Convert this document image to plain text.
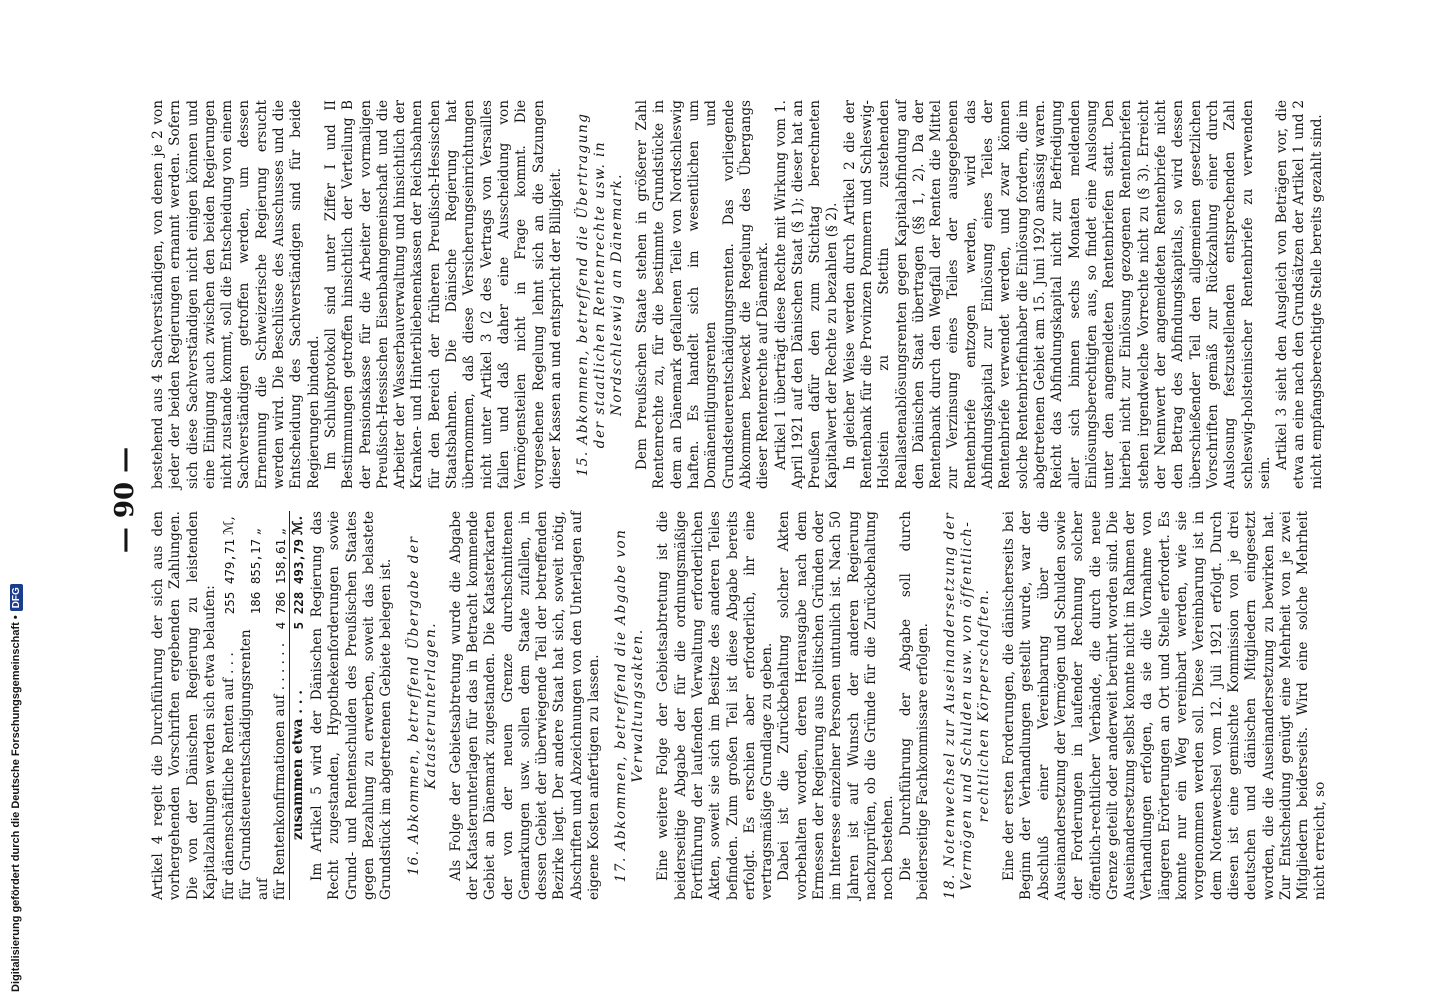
— 90 —

Artikel 4 regelt die Durchführung der sich aus den vorhergehenden Vorschriften ergebenden Zahlungen. Die von der Dänischen Regierung zu leistenden Kapitalzahlungen werden sich etwa belaufen: für dänenschäftliche Renten auf . . .	255 479,71	ℳ,
für Grundsteuerentschädigungsrenten auf	186 855,17	„
für Rentenkonfirmationen auf . . . . . .	4 786 158,61	„
zusammen etwa . . .	5 228 493,79	ℳ. Im Artikel 5 wird der Dänischen Regierung das Recht zugestanden, Hypothekenforderungen sowie Grund- und Rentenschulden des Preußischen Staates gegen Bezahlung zu erwerben, soweit das belastete Grundstück im abgetretenen Gebiete belegen ist. 16. Abkommen, betreffend Übergabe der Katasterunterlagen. Als Folge der Gebietsabtretung wurde die Abgabe der Katasterunterlagen für das in Betracht kommende Gebiet an Dänemark zugestanden. Die Katasterkarten der von der neuen Grenze durchschnittenen Gemarkungen usw. sollen dem Staate zufallen, in dessen Gebiet der überwiegende Teil der betreffenden Bezirke liegt. Der andere Staat hat sich, soweit nötig, Abschriften und Abzeichnungen von den Unterlagen auf eigene Kosten anfertigen zu lassen. 17. Abkommen, betreffend die Abgabe von Verwaltungsakten. Eine weitere Folge der Gebietsabtretung ist die beiderseitige Abgabe der für die ordnungsmäßige Fortführung der laufenden Verwaltung erforderlichen Akten, soweit sie sich im Besitze des anderen Teiles befinden. Zum großen Teil ist diese Abgabe bereits erfolgt. Es erschien aber erforderlich, ihr eine vertragsmäßige Grundlage zu geben. Dabei ist die Zurückbehaltung solcher Akten vorbehalten worden, deren Herausgabe nach dem Ermessen der Regierung aus politischen Gründen oder im Interesse einzelner Personen untunlich ist. Nach 50 Jahren ist auf Wunsch der anderen Regierung nachzuprüfen, ob die Gründe für die Zurückbehaltung noch bestehen. Die Durchführung der Abgabe soll durch beiderseitige Fachkommissare erfolgen. 18. Notenwechsel zur Auseinandersetzung der Vermögen und Schulden usw. von öffentlich-rechtlichen Körperschaften. Eine der ersten Forderungen, die dänischerseits bei Beginn der Verhandlungen gestellt wurde, war der Abschluß einer Vereinbarung über die Auseinandersetzung der Vermögen und Schulden sowie der Forderungen in laufender Rechnung solcher öffentlich-rechtlicher Verbände, die durch die neue Grenze geteilt oder anderweit berührt worden sind. Die Auseinandersetzung selbst konnte nicht im Rahmen der Verhandlungen erfolgen, da sie die Vornahme von längeren Erörterungen an Ort und Stelle erfordert. Es konnte nur ein Weg vereinbart werden, wie sie vorgenommen werden soll. Diese Vereinbarung ist in dem Notenwechsel vom 12. Juli 1921 erfolgt. Durch diesen ist eine gemischte Kommission von je drei deutschen und dänischen Mitgliedern eingesetzt worden, die die Auseinandersetzung zu bewirken hat. Zur Entscheidung genügt eine Mehrheit von je zwei Mitgliedern beiderseits. Wird eine solche Mehrheit nicht erreicht, so

bestehend aus 4 Sachverständigen, von denen je 2 von jeder der beiden Regierungen ernannt werden. Sofern sich diese Sachverständigen nicht einigen können und eine Einigung auch zwischen den beiden Regierungen nicht zustande kommt, soll die Entscheidung von einem Sachverständigen getroffen werden, um dessen Ernennung die Schweizerische Regierung ersucht werden wird. Die Beschlüsse des Ausschusses und die Entscheidung des Sachverständigen sind für beide Regierungen bindend. Im Schlußprotokoll sind unter Ziffer I und II Bestimmungen getroffen hinsichtlich der Verteilung B der Pensionskasse für die Arbeiter der vormaligen Preußisch-Hessischen Eisenbahngemeinschaft und die Arbeiter der Wasserbauverwaltung und hinsichtlich der Kranken- und Hinterbliebenenkassen der Reichsbahnen für den Bereich der früheren Preußisch-Hessischen Staatsbahnen. Die Dänische Regierung hat übernommen, daß diese Versicherungseinrichtungen nicht unter Artikel 3 (2 des Vertrags von Versailles fallen und daß daher eine Ausscheidung von Vermögensteilen nicht in Frage kommt. Die vorgesehene Regelung lehnt sich an die Satzungen dieser Kassen an und entspricht der Billigkeit. 15. Abkommen, betreffend die Übertragung der staatlichen Rentenrechte usw. in Nordschleswig an Dänemark. Dem Preußischen Staate stehen in größerer Zahl Rentenrechte zu, für die bestimmte Grundstücke in dem an Dänemark gefallenen Teile von Nordschleswig haften. Es handelt sich im wesentlichen um Domänentilgungsrenten und Grundsteuerentschädigungsrenten. Das vorliegende Abkommen bezweckt die Regelung des Übergangs dieser Rentenrechte auf Dänemark. Artikel 1 überträgt diese Rechte mit Wirkung vom 1. April 1921 auf den Dänischen Staat (§ 1); dieser hat an Preußen dafür den zum Stichtag berechneten Kapitalwert der Rechte zu bezahlen (§ 2). In gleicher Weise werden durch Artikel 2 die der Rentenbank für die Provinzen Pommern und Schleswig-Holstein zu Stettin zustehenden Reallastenablösungsrenten gegen Kapitalabfindung auf den Dänischen Staat übertragen (§§ 1, 2). Da der Rentenbank durch den Wegfall der Renten die Mittel zur Verzinsung eines Teiles der ausgegebenen Rentenbriefe entzogen werden, wird das Abfindungskapital zur Einlösung eines Teiles der Rentenbriefe verwendet werden, und zwar können solche Rentenbriefinhaber die Einlösung fordern, die im abgetretenen Gebiet am 15. Juni 1920 ansässig waren. Reicht das Abfindungskapital nicht zur Befriedigung aller sich binnen sechs Monaten meldenden Einlösungsberechtigten aus, so findet eine Auslosung unter den angemeldeten Rentenbriefen statt. Den hierbei nicht zur Einlösung gezogenen Rentenbriefen stehen irgendwelche Vorrechte nicht zu (§ 3). Erreicht der Nennwert der angemeldeten Rentenbriefe nicht den Betrag des Abfindungskapitals, so wird dessen überschießender Teil den allgemeinen gesetzlichen Vorschriften gemäß zur Rückzahlung einer durch Auslosung festzustellenden entsprechenden Zahl schleswig-holsteinischer Rentenbriefe zu verwenden sein.

Artikel 3 sieht den Ausgleich von Beträgen vor, die etwa an eine nach den Grundsätzen der Artikel 1 und 2 nicht empfangsberechtigte Stelle bereits gezahlt sind.

Digitalisierung gefördert durch die Deutsche Forschungsgemeinschaft •
DFG
